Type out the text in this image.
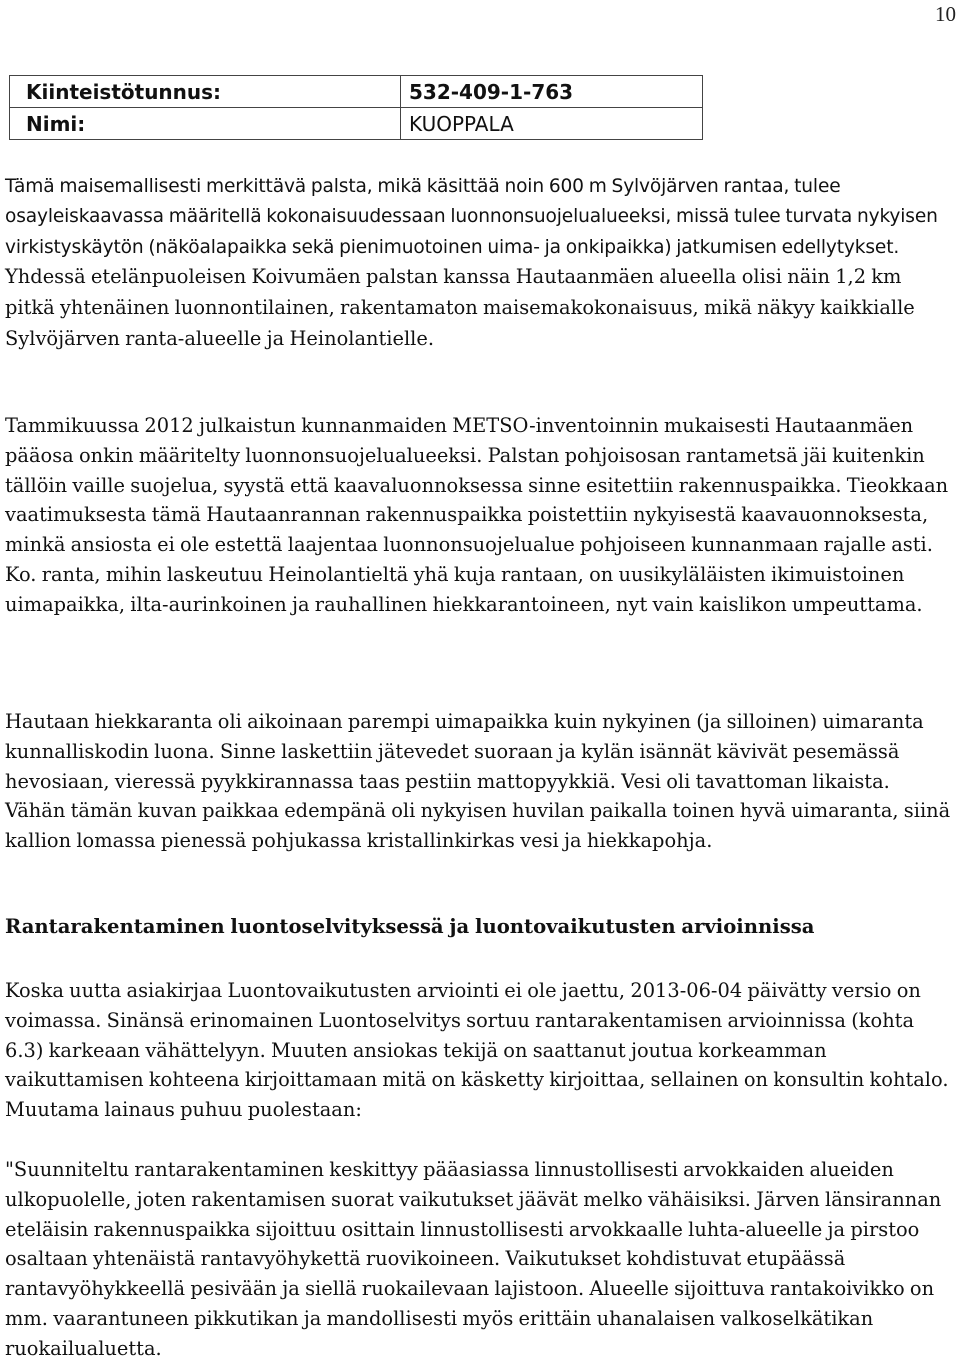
10
Kiinteistötunnus:	532-409-1-763
Nimi:	KUOPPALA

Tämä maisemallisesti merkittävä palsta, mikä käsittää noin 600 m Sylvöjärven rantaa, tulee osayleiskaavassa määritellä kokonaisuudessaan luonnonsuojelualueeksi, missä tulee turvata nykyisen virkistyskäytön (näköalapaikka sekä pienimuotoinen uima- ja onkipaikka) jatkumisen edellytykset. Yhdessä etelänpuoleisen Koivumäen palstan kanssa Hautaanmäen alueella olisi näin 1,2 km pitkä yhtenäinen luonnontilainen, rakentamaton maisemakokonaisuus, mikä näkyy kaikkialle Sylvöjärven ranta-alueelle ja Heinolantielle.

Tammikuussa 2012 julkaistun kunnanmaiden METSO-inventoinnin mukaisesti Hautaanmäen pääosa onkin määritelty luonnonsuojelualueeksi. Palstan pohjoisosan rantametsä jäi kuitenkin tällöin vaille suojelua, syystä että kaavaluonnoksessa sinne esitettiin rakennuspaikka. Tieokkaan vaatimuksesta tämä Hautaanrannan rakennuspaikka poistettiin nykyisestä kaavauonnoksesta, minkä ansiosta ei ole estettä laajentaa luonnonsuojelualue pohjoiseen kunnanmaan rajalle asti. Ko. ranta, mihin laskeutuu Heinolantieltä yhä kuja rantaan, on uusikyläläisten ikimuistoinen uimapaikka, ilta-aurinkoinen ja rauhallinen hiekkarantoineen, nyt vain kaislikon umpeuttama.

Hautaan hiekkaranta oli aikoinaan parempi uimapaikka kuin nykyinen (ja silloinen) uimaranta kunnalliskodin luona. Sinne laskettiin jätevedet suoraan ja kylän isännät kävivät pesemässä hevosiaan, vieressä pyykkirannassa taas pestiin mattopyykkiä. Vesi oli tavattoman likaista. Vähän tämän kuvan paikkaa edempänä oli nykyisen huvilan paikalla toinen hyvä uimaranta, siinä kallion lomassa pienessä pohjukassa kristallinkirkas vesi ja hiekkapohja.

Rantarakentaminen luontoselvityksessä ja luontovaikutusten arvioinnissa

Koska uutta asiakirjaa Luontovaikutusten arviointi ei ole jaettu, 2013-06-04 päivätty versio on voimassa. Sinänsä erinomainen Luontoselvitys sortuu rantarakentamisen arvioinnissa (kohta 6.3) karkeaan vähättelyyn. Muuten ansiokas tekijä on saattanut joutua korkeamman vaikuttamisen kohteena kirjoittamaan mitä on käsketty kirjoittaa, sellainen on konsultin kohtalo. Muutama lainaus puhuu puolestaan:

"Suunniteltu rantarakentaminen keskittyy pääasiassa linnustollisesti arvokkaiden alueiden ulkopuolelle, joten rakentamisen suorat vaikutukset jäävät melko vähäisiksi. Järven länsirannan eteläisin rakennuspaikka sijoittuu osittain linnustollisesti arvokkaalle luhta-alueelle ja pirstoo osaltaan yhtenäistä rantavyöhykettä ruovikoineen. Vaikutukset kohdistuvat etupäässä rantavyöhykkeellä pesivään ja siellä ruokailevaan lajistoon. Alueelle sijoittuva rantakoivikko on mm. vaarantuneen pikkutikan ja mandollisesti myös erittäin uhanalaisen valkoselkätikan ruokailualuetta.
